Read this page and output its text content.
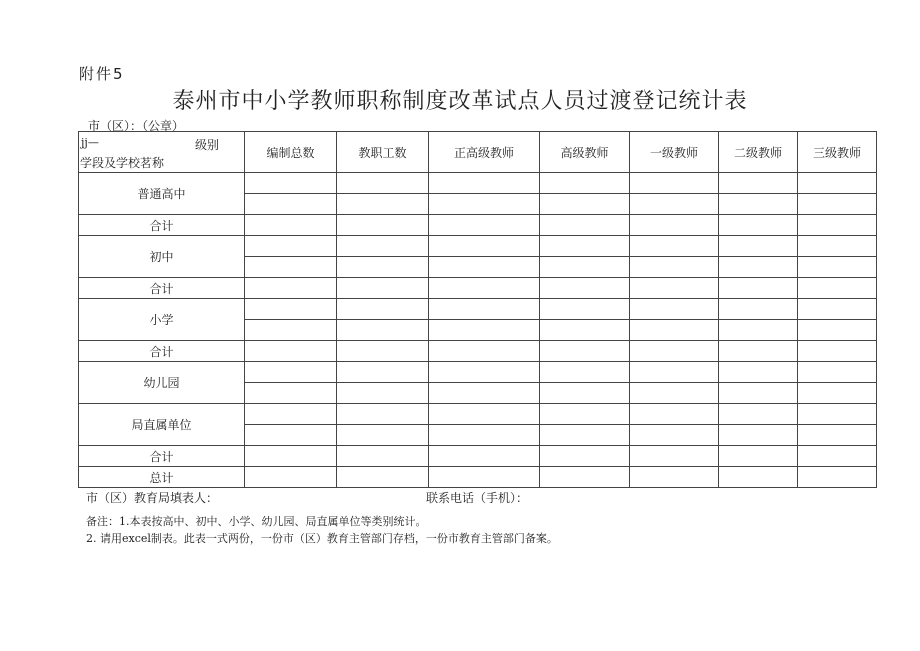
附件5
泰州市中小学教师职称制度改革试点人员过渡登记统计表
市（区）：（公章）
jj— 级别
学段及学校茗称	编制总数	教职工数	正高级教师	高级教师	一级教师	二级教师	三级教师
普通高中							

合计							
初中							

合计							
小学							

合计							
幼儿园							

局直属单位							

合计							
总计							
市（区）教育局填表人：	联系电话（手机）：
备注：1.本表按高中、初中、小学、幼儿园、局直属单位等类别统计。
2. 请用excel制表。此表一式两份，一份市（区）教育主管部门存档，一份市教育主管部门备案。
